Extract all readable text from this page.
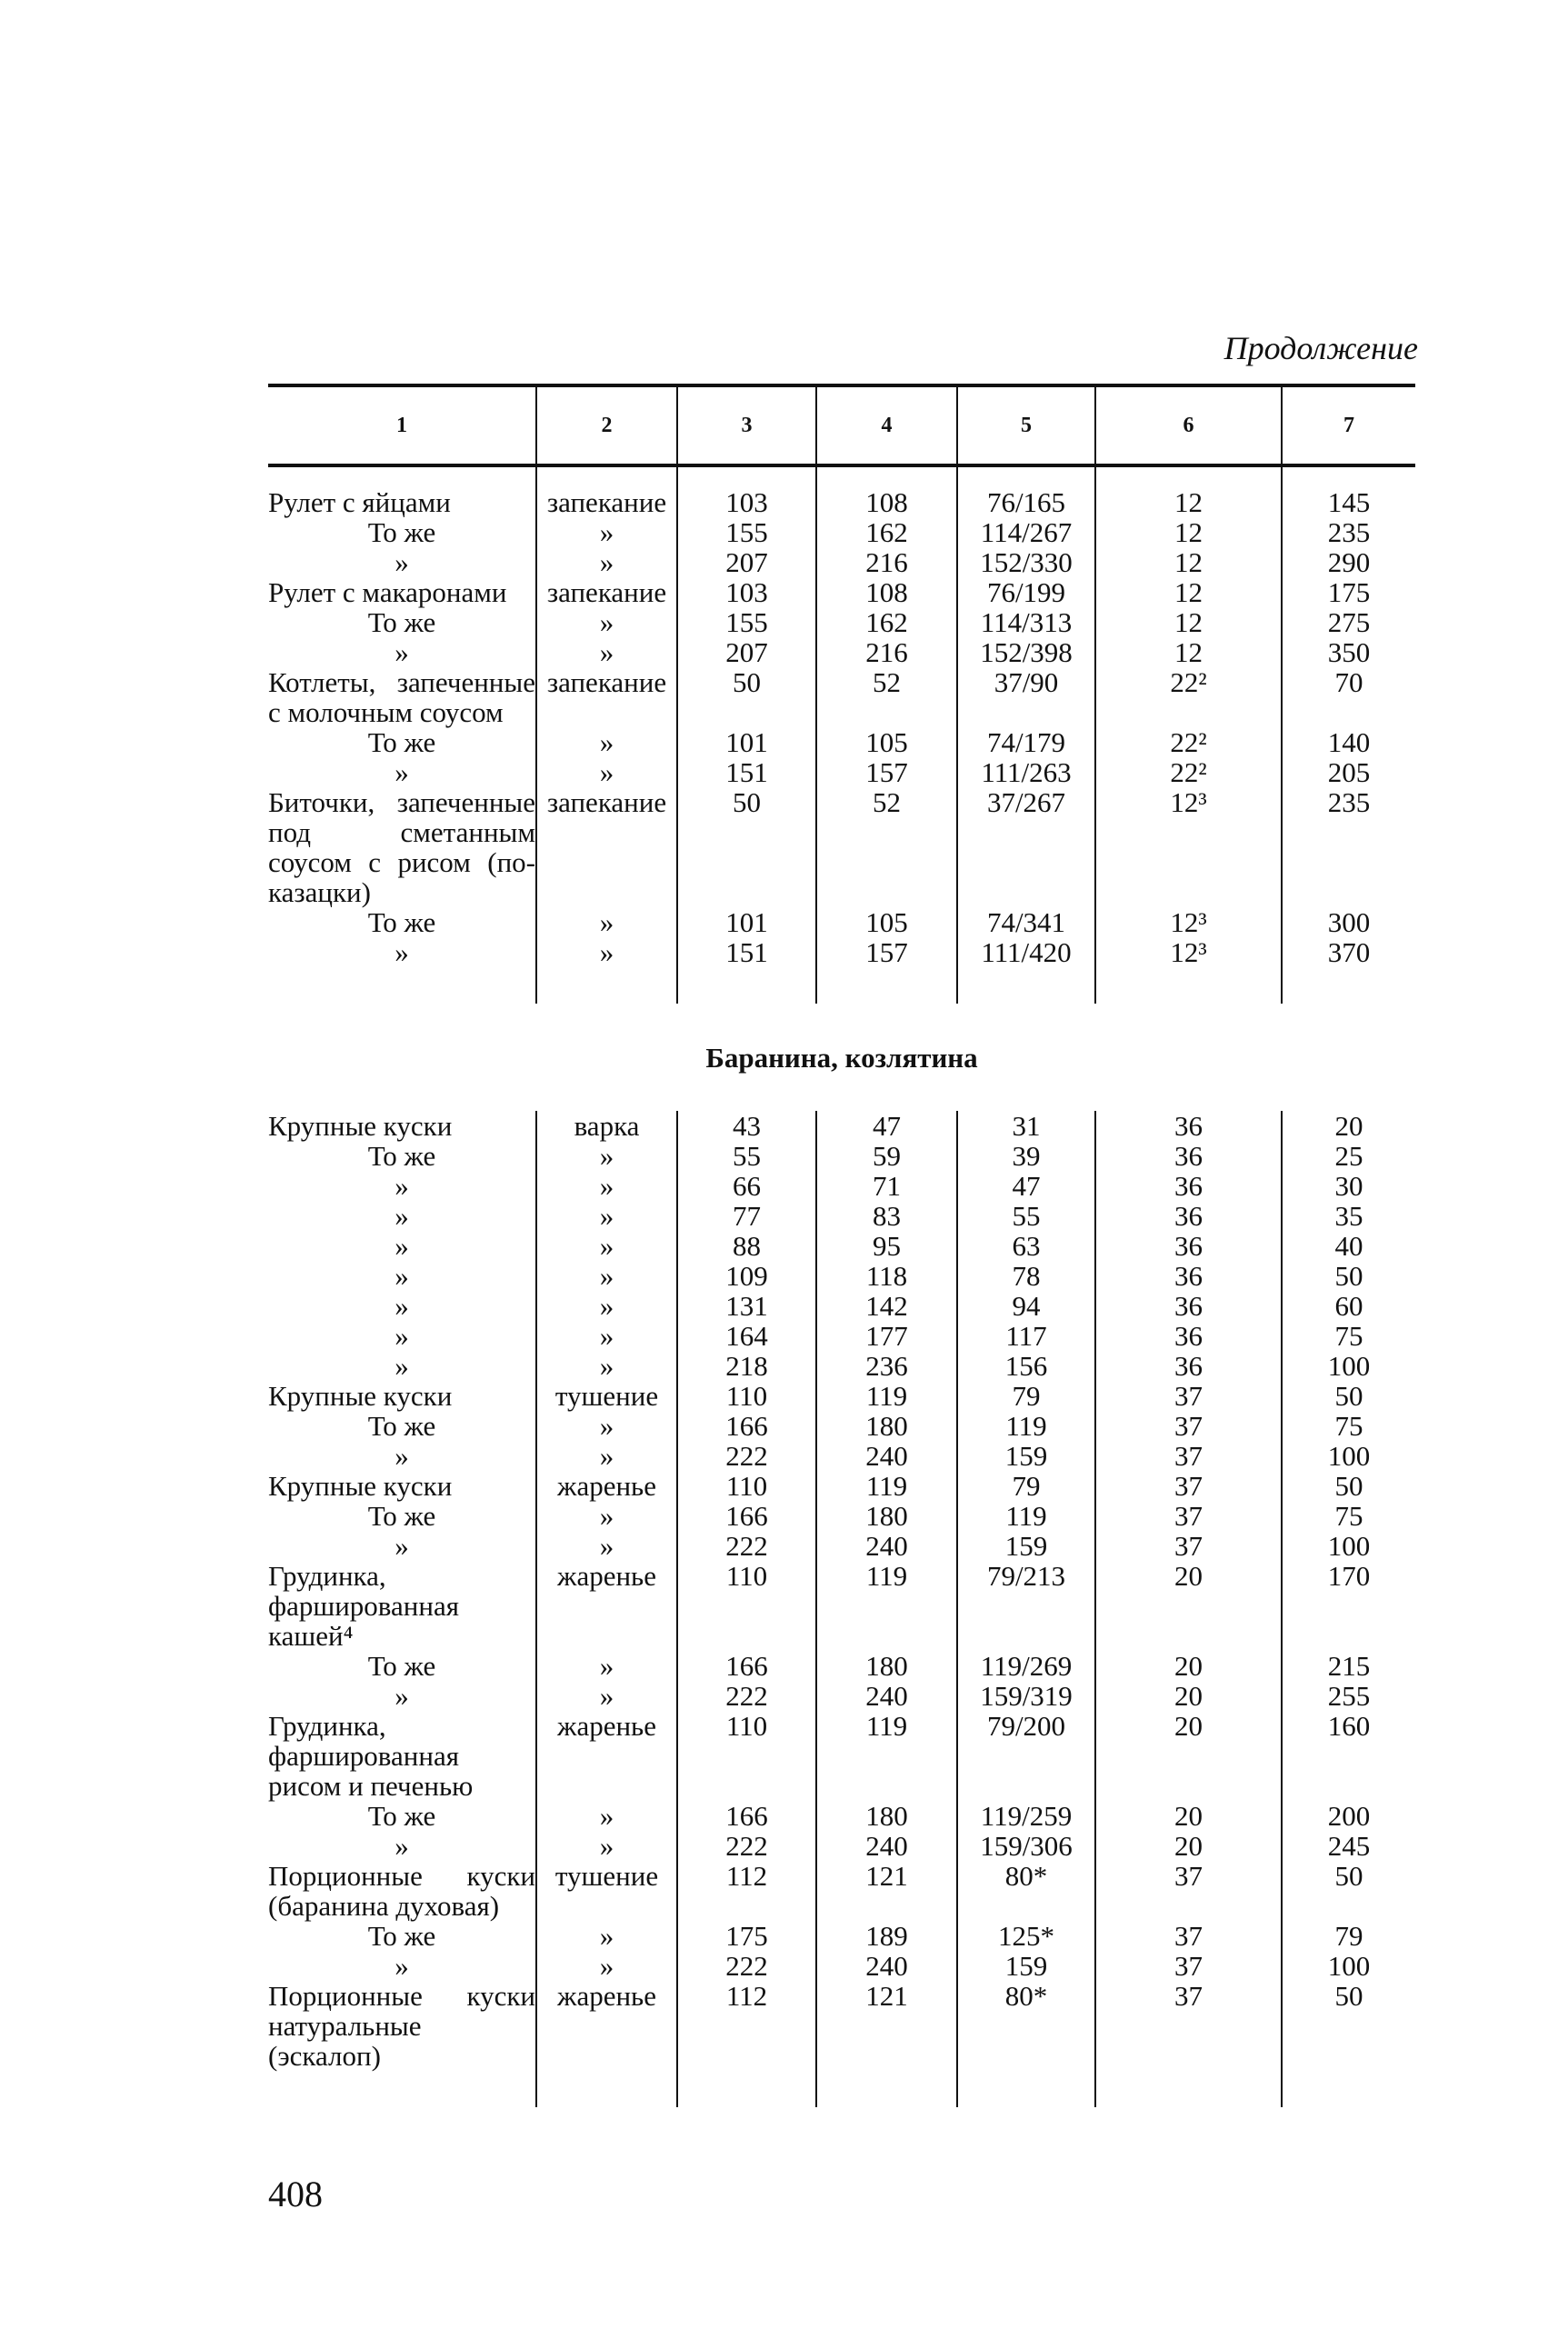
Продолжение
1	2	3	4	5	6	7

Рулет с яйцами	запекание	103	108	76/165	12	145
То же	»	155	162	114/267	12	235
»	»	207	216	152/330	12	290
Рулет с макаронами	запекание	103	108	76/199	12	175
То же	»	155	162	114/313	12	275
»	»	207	216	152/398	12	350
Котлеты, запеченные с молочным соусом	запекание	50	52	37/90	22²	70
То же	»	101	105	74/179	22²	140
»	»	151	157	111/263	22²	205
Биточки, запеченные под сметанным соусом с рисом (по-казацки)	запекание	50	52	37/267	12³	235
То же	»	101	105	74/341	12³	300
»	»	151	157	111/420	12³	370

Баранина, козлятина						
Крупные куски	варка	43	47	31	36	20
То же	»	55	59	39	36	25
»	»	66	71	47	36	30
»	»	77	83	55	36	35
»	»	88	95	63	36	40
»	»	109	118	78	36	50
»	»	131	142	94	36	60
»	»	164	177	117	36	75
»	»	218	236	156	36	100
Крупные куски	тушение	110	119	79	37	50
То же	»	166	180	119	37	75
»	»	222	240	159	37	100
Крупные куски	жаренье	110	119	79	37	50
То же	»	166	180	119	37	75
»	»	222	240	159	37	100
Грудинка, фаршированная кашей⁴	жаренье	110	119	79/213	20	170
То же	»	166	180	119/269	20	215
»	»	222	240	159/319	20	255
Грудинка, фаршированная рисом и печенью	жаренье	110	119	79/200	20	160
То же	»	166	180	119/259	20	200
»	»	222	240	159/306	20	245
Порционные куски (баранина духовая)	тушение	112	121	80*	37	50
То же	»	175	189	125*	37	79
»	»	222	240	159	37	100
Порционные куски натуральные (эскалоп)	жаренье	112	121	80*	37	50

408
